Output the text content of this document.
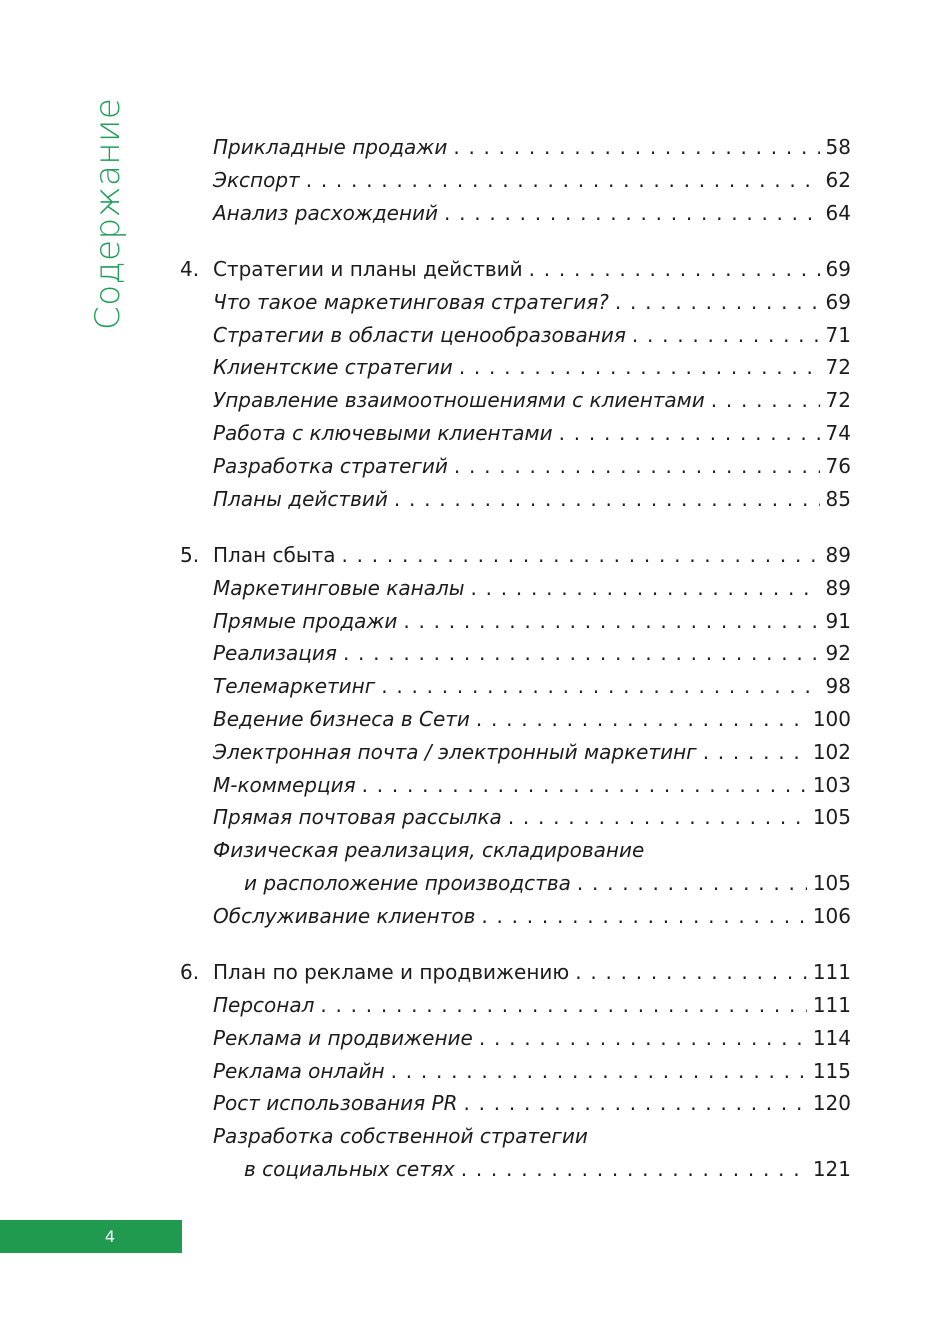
Содержание	Прикладные продажи . . .	58
Экспорт . . .	62
Анализ расхождений . . .	64
4. Стратегии и планы действий . . .	69
Что такое маркетинговая стратегия? . . .	69
Стратегии в области ценообразования . . .	71
Клиентские стратегии . . .	72
Управление взаимоотношениями с клиентами . . .	72
Работа с ключевыми клиентами . . .	74
Разработка стратегий . . .	76
Планы действий . . .	85
5. План сбыта . . .	89
Маркетинговые каналы . . .	89
Прямые продажи . . .	91
Реализация . . .	92
Телемаркетинг . . .	98
Ведение бизнеса в Сети . . .	100
Электронная почта / электронный маркетинг . . .	102
М-коммерция . . .	103
Прямая почтовая рассылка . . .	105
Физическая реализация, складирование
и расположение производства . . .	105
Обслуживание клиентов . . .	106
6. План по рекламе и продвижению . . .	111
Персонал . . .	111
Реклама и продвижение . . .	114
Реклама онлайн . . .	115
Рост использования PR . . .	120
Разработка собственной стратегии
в социальных сетях . . .	121
4
